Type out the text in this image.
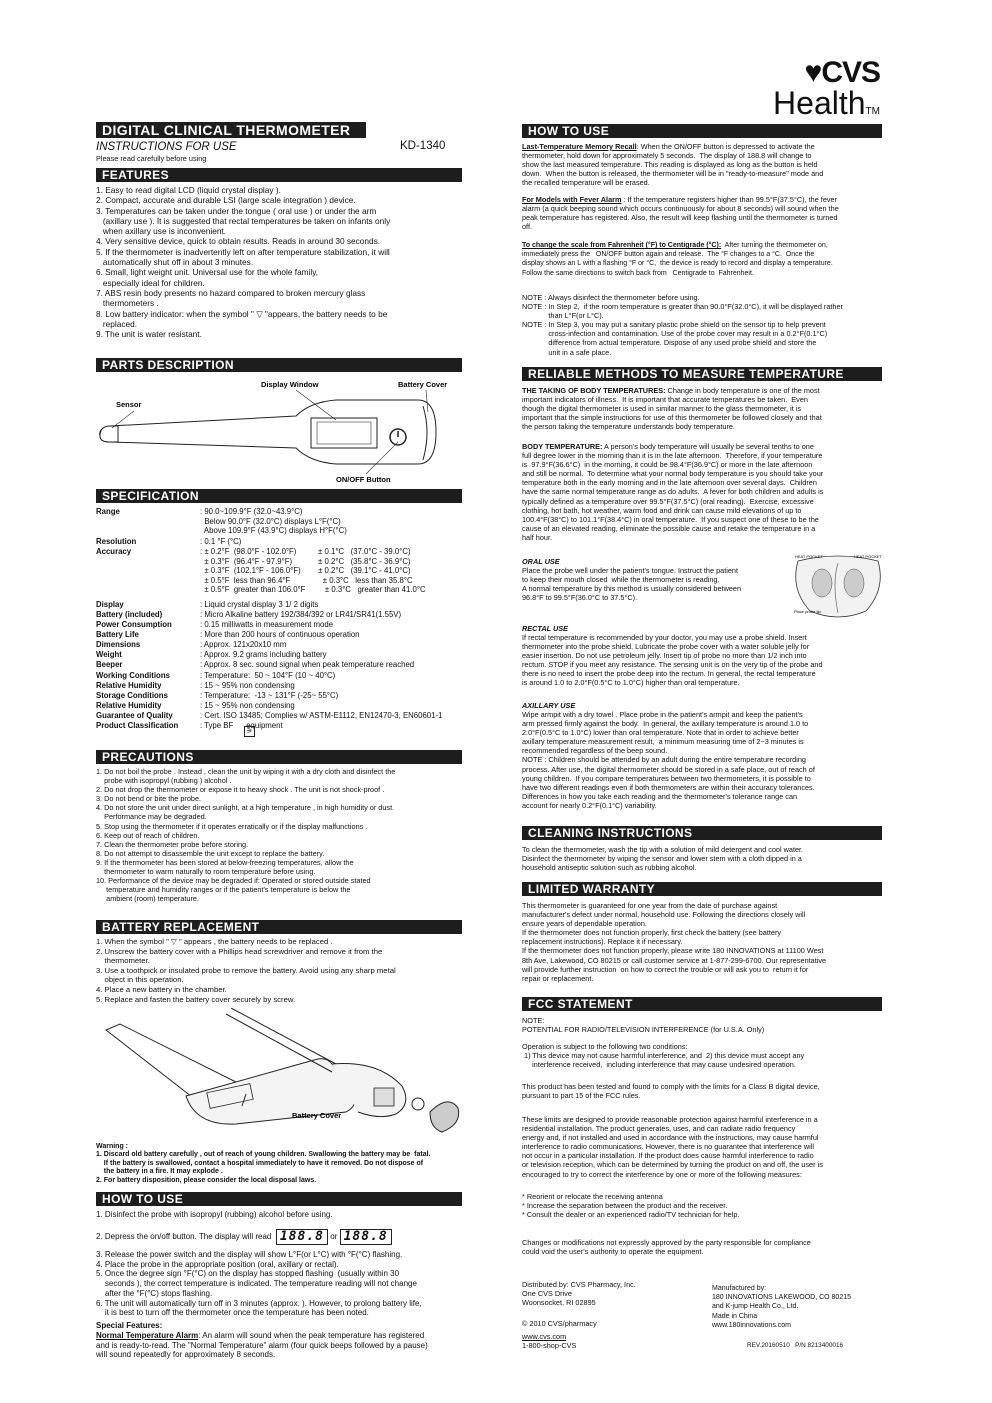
♥CVS
HealthTM
DIGITAL CLINICAL THERMOMETER
INSTRUCTIONS FOR USE	KD-1340
Please read carefully before using
FEATURES
1. Easy to read digital LCD (liquid crystal display ).
2. Compact, accurate and durable LSI (large scale integration ) device.
3. Temperatures can be taken under the tongue ( oral use ) or under the arm
(axillary use ). It is suggested that rectal temperatures be taken on infants only
when axillary use is inconvenient.
4. Very sensitive device, quick to obtain results. Reads in around 30 seconds.
5. If the thermometer is inadvertently left on after temperature stabilization, it will
automatically shut off in about 3 minutes.
6. Small, light weight unit. Universal use for the whole family,
especially ideal for children.
7. ABS resin body presents no hazard compared to broken mercury glass
thermometers .
8. Low battery indicator: when the symbol " ▽ "appears, the battery needs to be
replaced.
9. The unit is water resistant.
PARTS DESCRIPTION
Display Window	Battery Cover
Sensor
ON/OFF Button
SPECIFICATION
Range	: 90.0~109.9°F (32.0~43.9°C)
Below 90.0°F (32.0°C) displays L°F(°C)
Above 109.9°F (43.9°C) displays H°F(°C)
Resolution	: 0.1 °F (°C)
Accuracy	: ± 0.2°F  (98.0°F - 102.0°F)          ± 0.1°C   (37.0°C - 39.0°C)
± 0.3°F  (96.4°F - 97.9°F)            ± 0.2°C   (35.8°C - 36.9°C)
± 0.3°F  (102.1°F - 106.0°F)        ± 0.2°C   (39.1°C - 41.0°C)
± 0.5°F  less than 96.4°F               ± 0.3°C   less than 35.8°C
± 0.5°F  greater than 106.0°F         ± 0.3°C   greater than 41.0°C
Display	: Liquid crystal display 3 1/ 2 digits
Battery (included)	: Micro Alkaline battery 192/384/392 or LR41/SR41(1.55V)
Power Consumption	: 0.15 milliwatts in measurement mode
Battery Life	: More than 200 hours of continuous operation
Dimensions	: Approx. 121x20x10 mm
Weight	: Approx. 9.2 grams including battery
Beeper	: Approx. 8 sec. sound signal when peak temperature reached
Working Conditions	: Temperature:  50 ~ 104°F (10 ~ 40°C)
Relative Humidity	: 15 ~ 95% non condensing
Storage Conditions	: Temperature:  -13 ~ 131°F (-25~ 55°C)
Relative Humidity	: 15 ~ 95% non condensing
Guarantee of Quality	: Cert. ISO 13485; Complies w/ ASTM-E1112, EN12470-3, EN60601-1
Product Classification	: Type BF      equipment
⚞
PRECAUTIONS
1. Do not boil the probe . Instead , clean the unit by wiping it with a dry cloth and disinfect the
probe with isopropyl (rubbing ) alcohol .
2. Do not drop the thermometer or expose it to heavy shock . The unit is not shock-proof .
3. Do not bend or bite the probe.
4. Do not store the unit under direct sunlight, at a high temperature , in high humidity or dust.
Performance may be degraded.
5. Stop using the thermometer if it operates erratically or if the display malfunctions .
6. Keep out of reach of children.
7. Clean the thermometer probe before storing.
8. Do not attempt to disassemble the unit except to replace the battery.
9. If the thermometer has been stored at below-freezing temperatures, allow the
thermometer to warm naturally to room temperature before using.
10. Performance of the device may be degraded if: Operated or stored outside stated
temperature and humidity ranges or if the patient's temperature is below the
ambient (room) temperature.
BATTERY REPLACEMENT
1. When the symbol " ▽ " appears , the battery needs to be replaced .
2. Unscrew the battery cover with a Phillips head screwdriver and remove it from the
thermometer.
3. Use a toothpick or insulated probe to remove the battery. Avoid using any sharp metal
object in this operation.
4. Place a new battery in the chamber.
5. Replace and fasten the battery cover securely by screw.
Battery Cover
Warning :
1. Discard old battery carefully , out of reach of young children. Swallowing the battery may be  fatal.
If the battery is swallowed, contact a hospital immediately to have it removed. Do not dispose of
the battery in a fire. It may explode .
2. For battery disposition, please consider the local disposal laws.
HOW TO USE
1. Disinfect the probe with isopropyl (rubbing) alcohol before using.
2. Depress the on/off button. The display will read 188.8 or 188.8
3. Release the power switch and the display will show L°F(or L°C) with °F(°C) flashing.
4. Place the probe in the appropriate position (oral, axillary or rectal).
5. Once the degree sign °F(°C) on the display has stopped flashing  (usually within 30
seconds ), the correct temperature is indicated. The temperature reading will not change
after the °F(°C) stops flashing.
6. The unit will automatically turn off in 3 minutes (approx. ). However, to prolong battery life,
it is best to turn off the thermometer once the temperature has been noted.
Special Features:
Normal Temperature Alarm: An alarm will sound when the peak temperature has registered
and is ready-to-read. The "Normal Temperature" alarm (four quick beeps followed by a pause)
will sound repeatedly for approximately 8 seconds.
HOW TO USE
Last-Temperature Memory Recall: When the ON/OFF button is depressed to activate the
thermometer, hold down for approximately 5 seconds.  The display of 188.8 will change to
show the last measured temperature. This reading is displayed as long as the button is held
down.  When the button is released, the thermometer will be in "ready-to-measure" mode and
the recalled temperature will be erased.
For Models with Fever Alarm : If the temperature registers higher than 99.5°F(37.5°C), the fever
alarm (a quick beeping sound which occurs continuously for about 8 seconds) will sound when the
peak temperature has registered. Also, the result will keep flashing until the thermometer is turned
off.
To change the scale from Fahrenheit (°F) to Centigrade (°C):  After turning the thermometer on,
immediately press the   ON/OFF button again and release.  The °F changes to a °C.  Once the
display shows an L with a flashing °F or °C,  the device is ready to record and display a temperature.
Follow the same directions to switch back from   Centigrade to  Fahrenheit.
NOTE : Always disinfect the thermometer before using.
NOTE : In Step 2,  if the room temperature is greater than 90.0°F(32.0°C), it will be displayed rather
than L°F(or L°C).
NOTE : In Step 3, you may put a sanitary plastic probe shield on the sensor tip to help prevent
cross-infection and contamination. Use of the probe cover may result in a 0.2°F(0.1°C)
difference from actual temperature. Dispose of any used probe shield and store the
unit in a safe place.
RELIABLE METHODS TO MEASURE TEMPERATURE
THE TAKING OF BODY TEMPERATURES: Change in body temperature is one of the most
important indicators of illness.  It is important that accurate temperatures be taken.  Even
though the digital thermometer is used in similar manner to the glass thermometer, it is
important that the simple instructions for use of this thermometer be followed closely and that
the person taking the temperature understands body temperature.
BODY TEMPERATURE: A person's body temperature will usually be several tenths to one
full degree lower in the morning than it is in the late afternoon.  Therefore, if your temperature
is  97.9°F(36.6°C)  in the morning, it could be 98.4°F(36.9°C) or more in the late afternoon
and still be normal.  To determine what your normal body temperature is you should take your
temperature both in the early morning and in the late afternoon over several days.  Children
have the same normal temperature range as do adults.  A fever for both children and adults is
typically defined as a temperature over 99.5°F(37.5°C) (oral reading).  Exercise, excessive
clothing, hot bath, hot weather, warm food and drink can cause mild elevations of up to
100.4°F(38°C) to 101.1°F(38.4°C) in oral temperature.  If you suspect one of these to be the
cause of an elevated reading, eliminate the possible cause and retake the temperature in a
half hour.
ORAL USE
Place the probe well under the patient's tongue. Instruct the patient
to keep their mouth closed  while the thermometer is reading.
A normal temperature by this method is usually considered between
96.8°F to 99.5°F(36.0°C to 37.5°C).
HEAT POCKET	HEAT POCKET
Place probe tip
RECTAL USE
If rectal temperature is recommended by your doctor, you may use a probe shield. Insert
thermometer into the probe shield. Lubricate the probe cover with a water soluble jelly for
easier insertion. Do not use petroleum jelly. Insert tip of probe no more than 1/2 inch into
rectum. STOP if you meet any resistance. The sensing unit is on the very tip of the probe and
there is no need to insert the probe deep into the rectum. In general, the rectal temperature
is around 1.0 to 2.0°F(0.5°C to 1.0°C) higher than oral temperature.
AXILLARY USE
Wipe armpit with a dry towel . Place probe in the patient's armpit and keep the patient's
arm pressed firmly against the body.  In general, the axillary temperature is around 1.0 to
2.0°F(0.5°C to 1.0°C) lower than oral temperature. Note that in order to achieve better
axillary temperature measurement result,  a minimum measuring time of 2~3 minutes is
recommended regardless of the beep sound.
NOTE : Children should be attended by an adult during the entire temperature recording
process. After use, the digital thermometer should be stored in a safe place, out of reach of
young children.  If you compare temperatures between two thermometers, it is possible to
have two different readings even if both thermometers are within their accuracy tolerances.
Differences in how you take each reading and the thermometer's tolerance range can
account for nearly 0.2°F(0.1°C) variability.
CLEANING INSTRUCTIONS
To clean the thermometer, wash the tip with a solution of mild detergent and cool water.
Disinfect the thermometer by wiping the sensor and lower stem with a cloth dipped in a
household antiseptic solution such as rubbing alcohol.
LIMITED WARRANTY
This thermometer is guaranteed for one year from the date of purchase against
manufacturer's defect under normal, household use. Following the directions closely will
ensure years of dependable operation.
If the thermometer does not function properly, first check the battery (see battery
replacement instructions). Replace it if necessary.
If the thermometer does not function properly, please write 180 INNOVATIONS at 11100 West
8th Ave, Lakewood, CO 80215 or call customer service at 1-877-299-6700. Our representative
will provide further instruction  on how to correct the trouble or will ask you to  return it for
repair or replacement.
FCC STATEMENT
NOTE:
POTENTIAL FOR RADIO/TELEVISION INTERFERENCE (for U.S.A. Only)
Operation is subject to the following two conditions:
1) This device may not cause harmful interference, and  2) this device must accept any
interference received,  including interference that may cause undesired operation.
This product has been tested and found to comply with the limits for a Class B digital device,
pursuant to part 15 of the FCC rules.
These limits are designed to provide reasonable protection against harmful interference in a
residential installation. The product generates, uses, and can radiate radio frequency
energy and, if not installed and used in accordance with the instructions, may cause harmful
interference to radio communications. However, there is no guarantee that interference will
not occur in a particular installation. If the product does cause harmful interference to radio
or television reception, which can be determined by turning the product on and off, the user is
encouraged to try to correct the interference by one or more of the following measures:
* Reorient or relocate the receiving antenna
* Increase the separation between the product and the receiver.
* Consult the dealer or an experienced radio/TV technician for help.
Changes or modifications not expressly approved by the party responsible for compliance
could void the user's authority to operate the equipment.
Distributed by: CVS Pharmacy, Inc.
One CVS Drive
Woonsocket, RI 02895
© 2010 CVS/pharmacy
www.cvs.com
1-800-shop-CVS
Manufactured by:
180 INNOVATIONS LAKEWOOD, CO 80215
and K-jump Health Co., Ltd.
Made in China
www.180innovations.com
REV.20160510   P/N 8213400016
